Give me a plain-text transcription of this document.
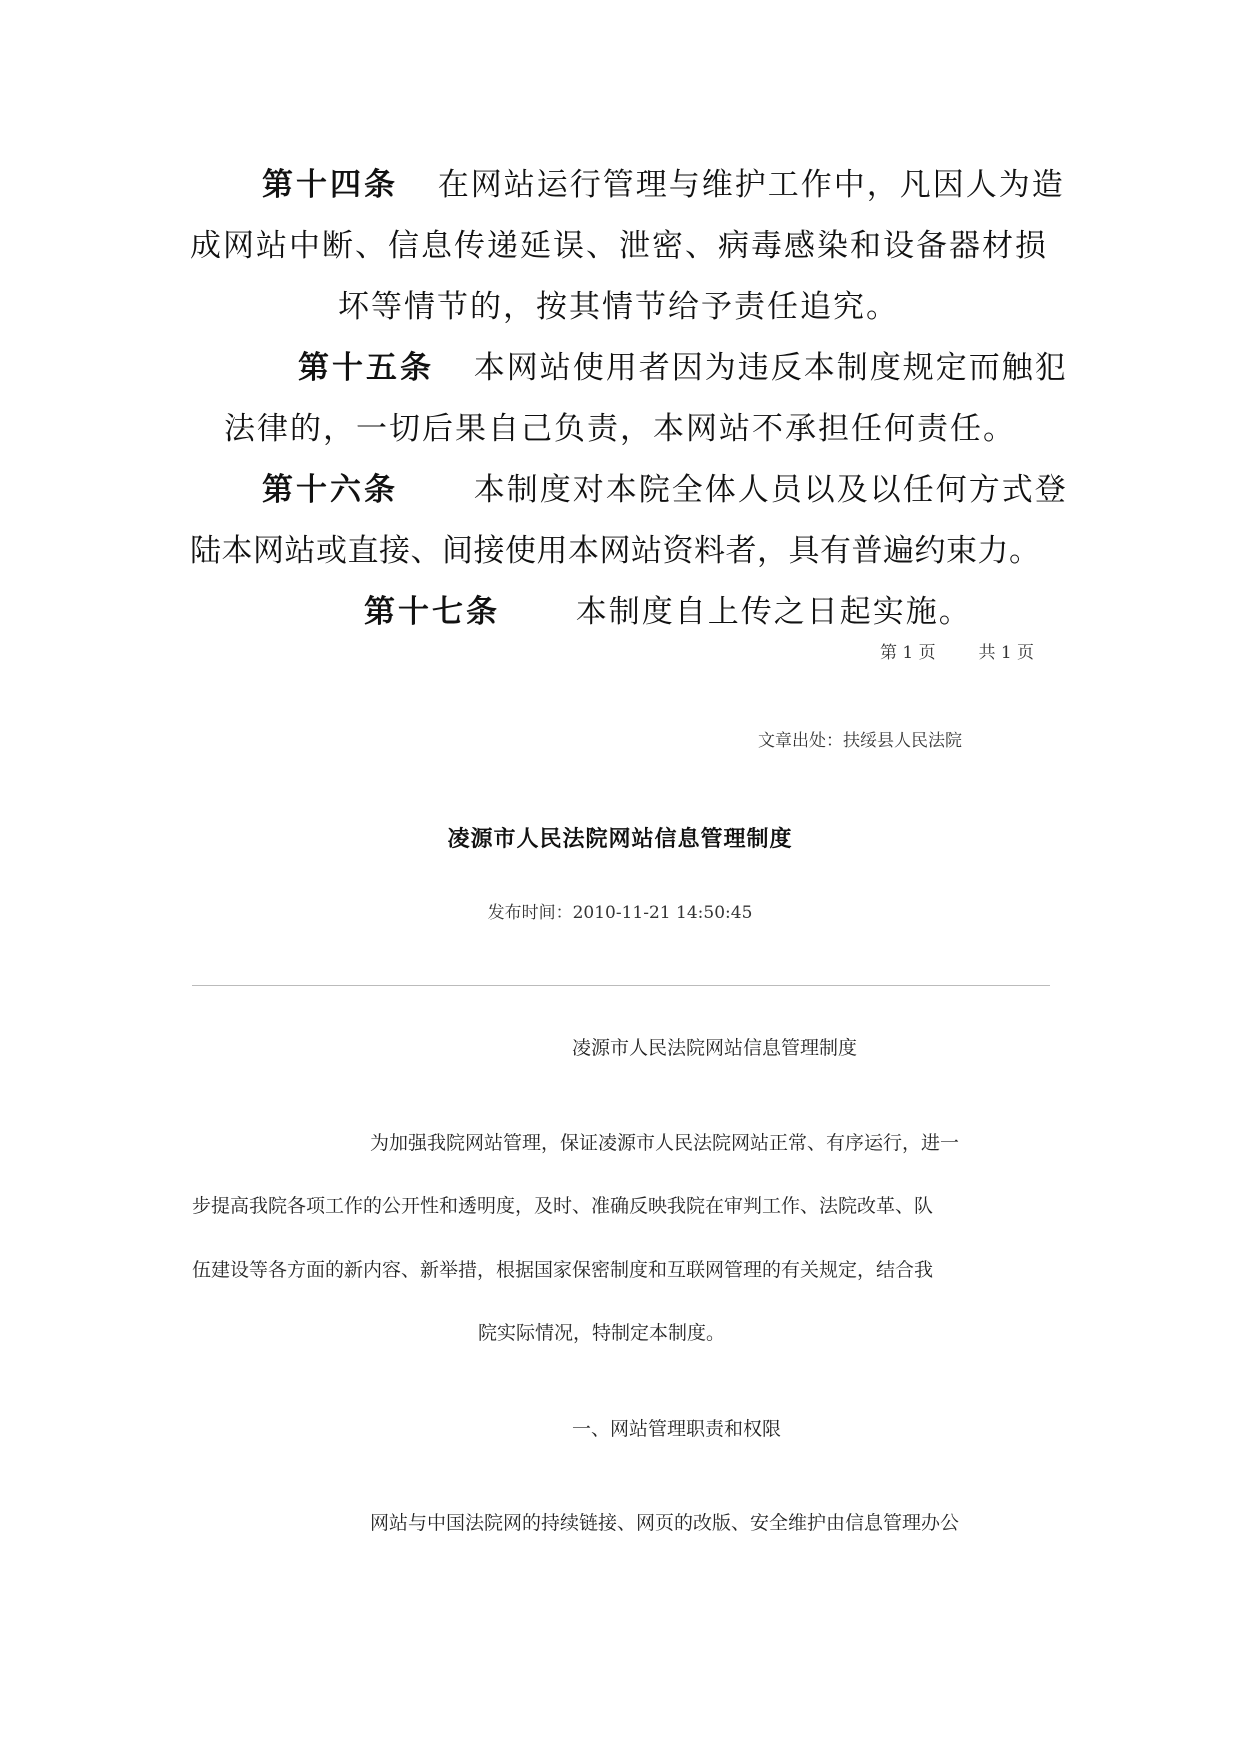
第十四条 在网站运行管理与维护工作中，凡因人为造
成网站中断、信息传递延误、泄密、病毒感染和设备器材损
坏等情节的，按其情节给予责任追究。
第十五条 本网站使用者因为违反本制度规定而触犯
法律的，一切后果自己负责，本网站不承担任何责任。
第十六条 本制度对本院全体人员以及以任何方式登
陆本网站或直接、间接使用本网站资料者，具有普遍约束力。
第十七条 本制度自上传之日起实施。
第 1 页	共 1 页
文章出处：扶绥县人民法院
凌源市人民法院网站信息管理制度
发布时间：2010-11-21 14:50:45
凌源市人民法院网站信息管理制度
为加强我院网站管理，保证凌源市人民法院网站正常、有序运行，进一
步提高我院各项工作的公开性和透明度，及时、准确反映我院在审判工作、法院改革、队
伍建设等各方面的新内容、新举措，根据国家保密制度和互联网管理的有关规定，结合我
院实际情况，特制定本制度。
一、网站管理职责和权限
网站与中国法院网的持续链接、网页的改版、安全维护由信息管理办公
